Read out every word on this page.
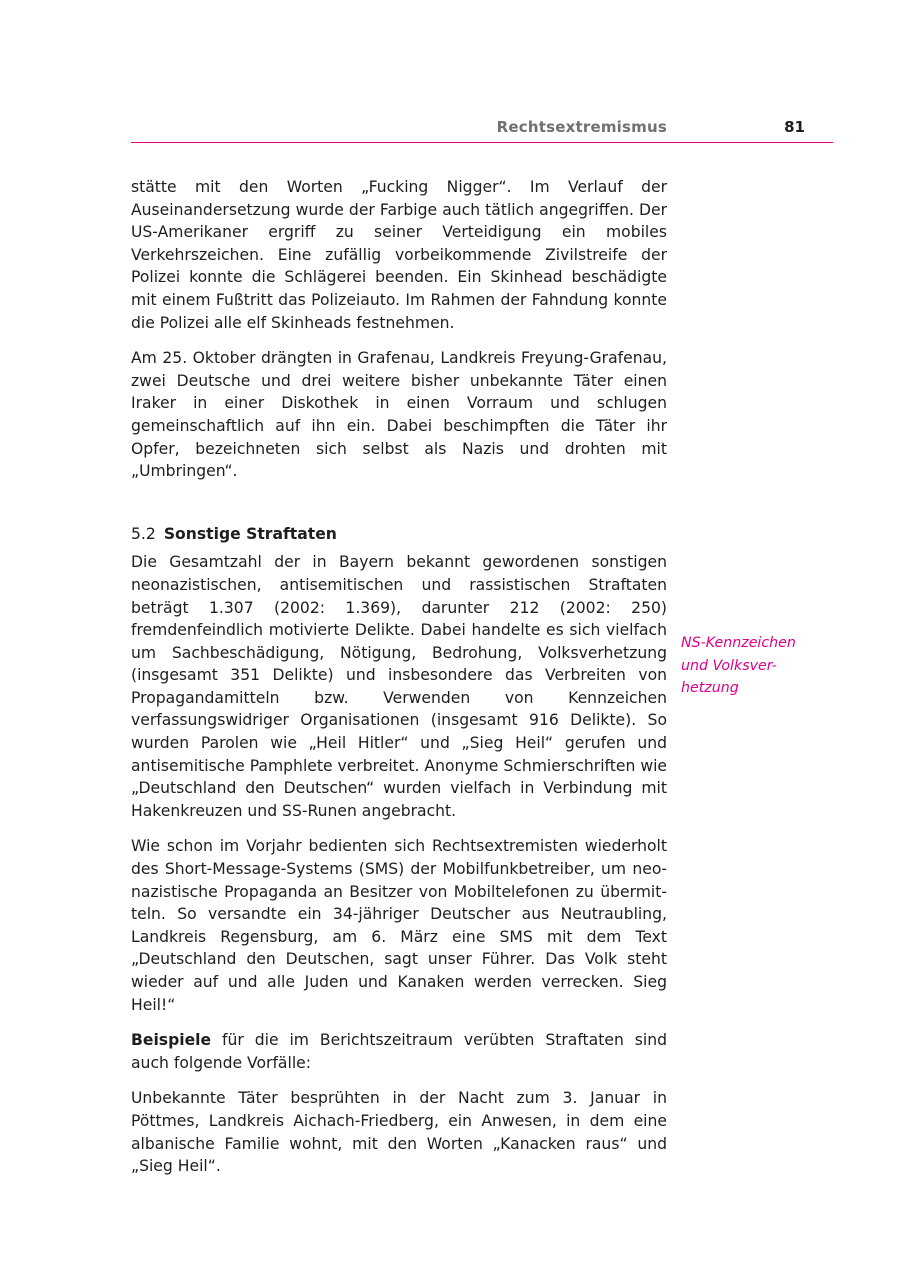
Rechtsextremismus	81

stätte mit den Worten „Fucking Nigger“. Im Verlauf der Auseinandersetzung wurde der Farbige auch tätlich angegriffen. Der US-Amerikaner ergriff zu seiner Verteidigung ein mobiles Verkehrszeichen. Eine zufällig vorbeikommende Zivilstreife der Polizei konnte die Schlägerei beenden. Ein Skinhead beschädigte mit einem Fußtritt das Polizeiauto. Im Rahmen der Fahndung konnte die Polizei alle elf Skinheads festnehmen.

Am 25. Oktober drängten in Grafenau, Landkreis Freyung-Grafenau, zwei Deutsche und drei weitere bisher unbekannte Täter einen Iraker in einer Diskothek in einen Vorraum und schlugen gemeinschaftlich auf ihn ein. Dabei beschimpften die Täter ihr Opfer, bezeichneten sich selbst als Nazis und drohten mit „Umbringen“.

5.2 Sonstige Straftaten

Die Gesamtzahl der in Bayern bekannt gewordenen sonstigen neonazistischen, antisemitischen und rassistischen Straftaten beträgt 1.307 (2002: 1.369), darunter 212 (2002: 250) fremdenfeindlich motivierte Delikte. Dabei handelte es sich vielfach um Sachbeschädigung, Nötigung, Bedrohung, Volksverhetzung (insgesamt 351 Delikte) und insbesondere das Verbreiten von Propagandamitteln bzw. Verwenden von Kennzeichen verfassungswidriger Organisationen (insgesamt 916 Delikte). So wurden Parolen wie „Heil Hitler“ und „Sieg Heil“ gerufen und antisemitische Pamphlete verbreitet. Anonyme Schmierschriften wie „Deutschland den Deutschen“ wurden vielfach in Verbindung mit Hakenkreuzen und SS-Runen angebracht.

Wie schon im Vorjahr bedienten sich Rechtsextremisten wiederholt des Short-Message-Systems (SMS) der Mobilfunkbetreiber, um neonazistische Propaganda an Besitzer von Mobiltelefonen zu übermitteln. So versandte ein 34-jähriger Deutscher aus Neutraubling, Landkreis Regensburg, am 6. März eine SMS mit dem Text „Deutschland den Deutschen, sagt unser Führer. Das Volk steht wieder auf und alle Juden und Kanaken werden verrecken. Sieg Heil!“

Beispiele für die im Berichtszeitraum verübten Straftaten sind auch folgende Vorfälle:

Unbekannte Täter besprühten in der Nacht zum 3. Januar in Pöttmes, Landkreis Aichach-Friedberg, ein Anwesen, in dem eine albanische Familie wohnt, mit den Worten „Kanacken raus“ und „Sieg Heil“.

NS-Kennzeichen
und Volksver-
hetzung
